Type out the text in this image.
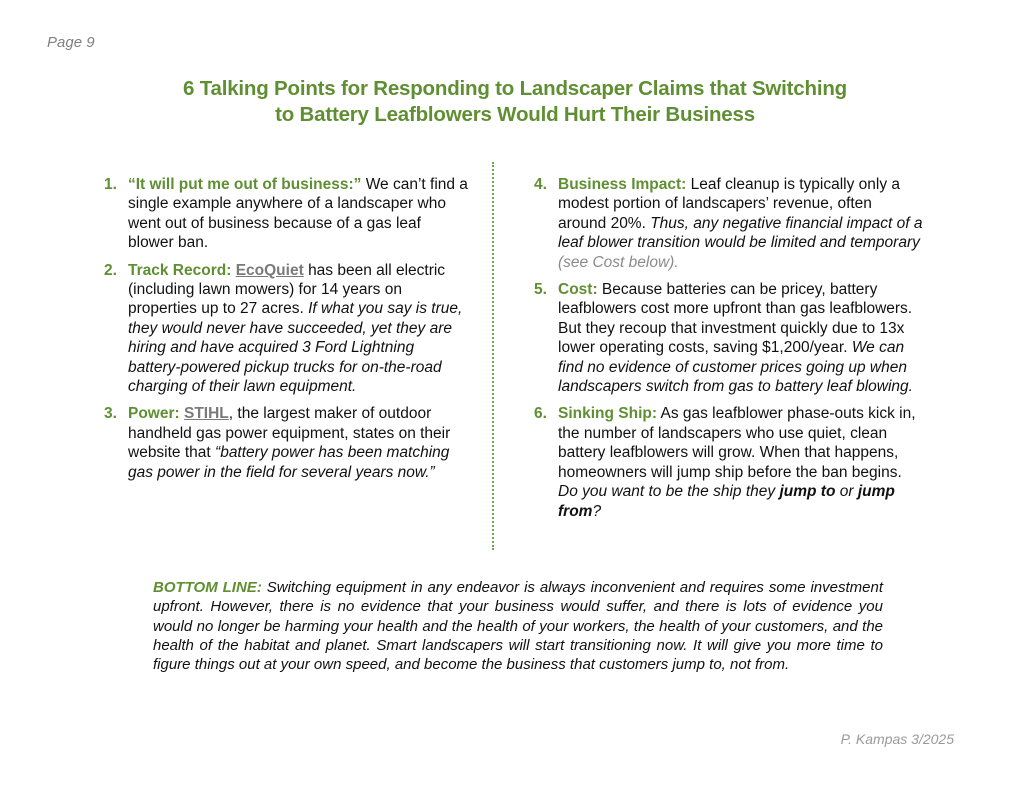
Page 9
6 Talking Points for Responding to Landscaper Claims that Switching
to Battery Leafblowers Would Hurt Their Business
1. “It will put me out of business:” We can’t find a single example anywhere of a landscaper who went out of business because of a gas leaf blower ban.
2. Track Record: EcoQuiet has been all electric (including lawn mowers) for 14 years on properties up to 27 acres. If what you say is true, they would never have succeeded, yet they are hiring and have acquired 3 Ford Lightning battery-powered pickup trucks for on-the-road charging of their lawn equipment.
3. Power: STIHL, the largest maker of outdoor handheld gas power equipment, states on their website that “battery power has been matching gas power in the field for several years now.”
4. Business Impact: Leaf cleanup is typically only a modest portion of landscapers’ revenue, often around 20%. Thus, any negative financial impact of a leaf blower transition would be limited and temporary (see Cost below).
5. Cost: Because batteries can be pricey, battery leafblowers cost more upfront than gas leafblowers. But they recoup that investment quickly due to 13x lower operating costs, saving $1,200/year. We can find no evidence of customer prices going up when landscapers switch from gas to battery leaf blowing.
6. Sinking Ship: As gas leafblower phase-outs kick in, the number of landscapers who use quiet, clean battery leafblowers will grow. When that happens, homeowners will jump ship before the ban begins. Do you want to be the ship they jump to or jump from?
BOTTOM LINE: Switching equipment in any endeavor is always inconvenient and requires some investment upfront. However, there is no evidence that your business would suffer, and there is lots of evidence you would no longer be harming your health and the health of your workers, the health of your customers, and the health of the habitat and planet. Smart landscapers will start transitioning now. It will give you more time to figure things out at your own speed, and become the business that customers jump to, not from.
P. Kampas 3/2025
